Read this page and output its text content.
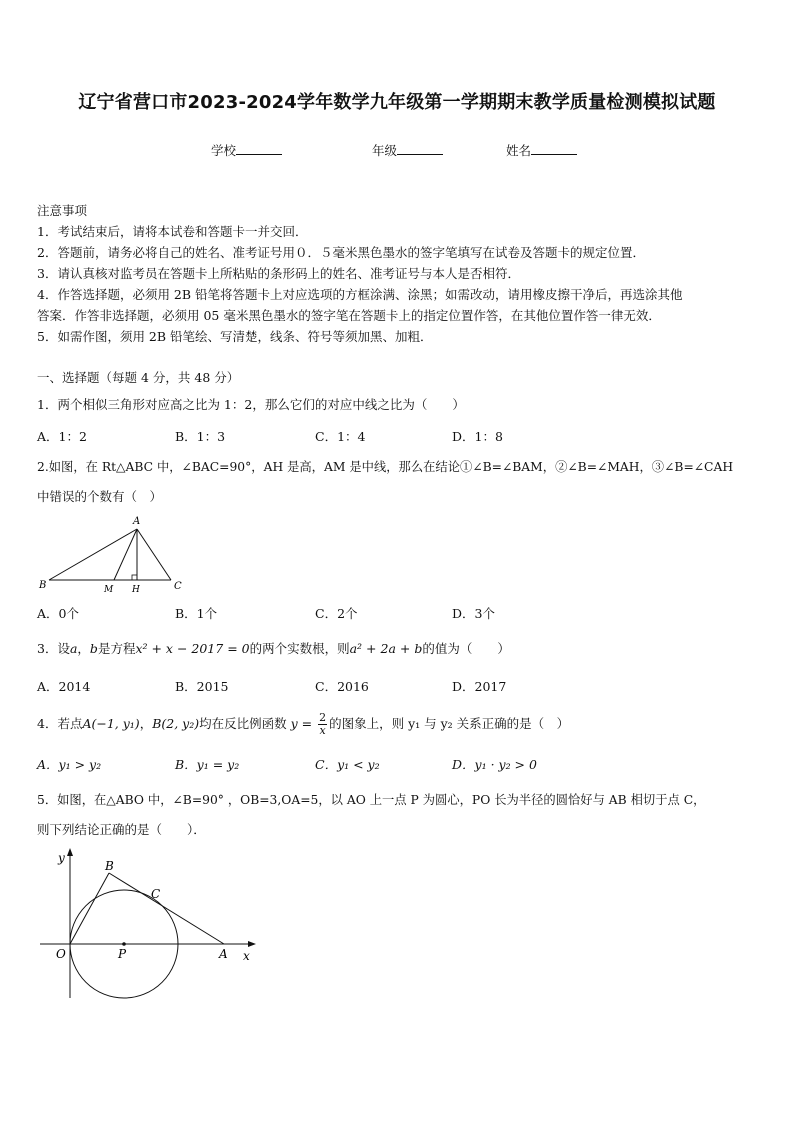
辽宁省营口市2023-2024学年数学九年级第一学期期末教学质量检测模拟试题
学校	年级	姓名
注意事项
1．考试结束后，请将本试卷和答题卡一并交回．
2．答题前，请务必将自己的姓名、准考证号用０．５毫米黑色墨水的签字笔填写在试卷及答题卡的规定位置．
3．请认真核对监考员在答题卡上所粘贴的条形码上的姓名、准考证号与本人是否相符．
4．作答选择题，必须用 2B 铅笔将答题卡上对应选项的方框涂满、涂黑；如需改动，请用橡皮擦干净后，再选涂其他
答案．作答非选择题，必须用 05 毫米黑色墨水的签字笔在答题卡上的指定位置作答，在其他位置作答一律无效．
5．如需作图，须用 2B 铅笔绘、写清楚，线条、符号等须加黑、加粗．
一、选择题（每题 4 分，共 48 分）
1．两个相似三角形对应高之比为 1：2，那么它们的对应中线之比为（　　）
A．1：2	B．1：3	C．1：4	D．1：8
2.如图，在 Rt△ABC 中，∠BAC=90°，AH 是高，AM 是中线，那么在结论①∠B=∠BAM，②∠B=∠MAH，③∠B=∠CAH
中错误的个数有（　）
A
B	C
M H
A．0个	B．1个	C．2个	D．3个
3．设a，b是方程x² + x − 2017 = 0的两个实数根，则a² + 2a + b的值为（　　）
A．2014	B．2015	C．2016	D．2017
4．若点A(−1, y₁)，B(2, y₂)均在反比例函数 $y = \frac{2}{x}$ 的图象上，则 y₁ 与 y₂ 关系正确的是（　）
A．y₁ > y₂	B．y₁ = y₂	C．y₁ < y₂	D．y₁ · y₂ > 0
5．如图，在△ABO 中，∠B=90° ，OB=3,OA=5，以 AO 上一点 P 为圆心，PO 长为半径的圆恰好与 AB 相切于点 C，
则下列结论正确的是（　　）．
y
x
O	P	A
B
C
